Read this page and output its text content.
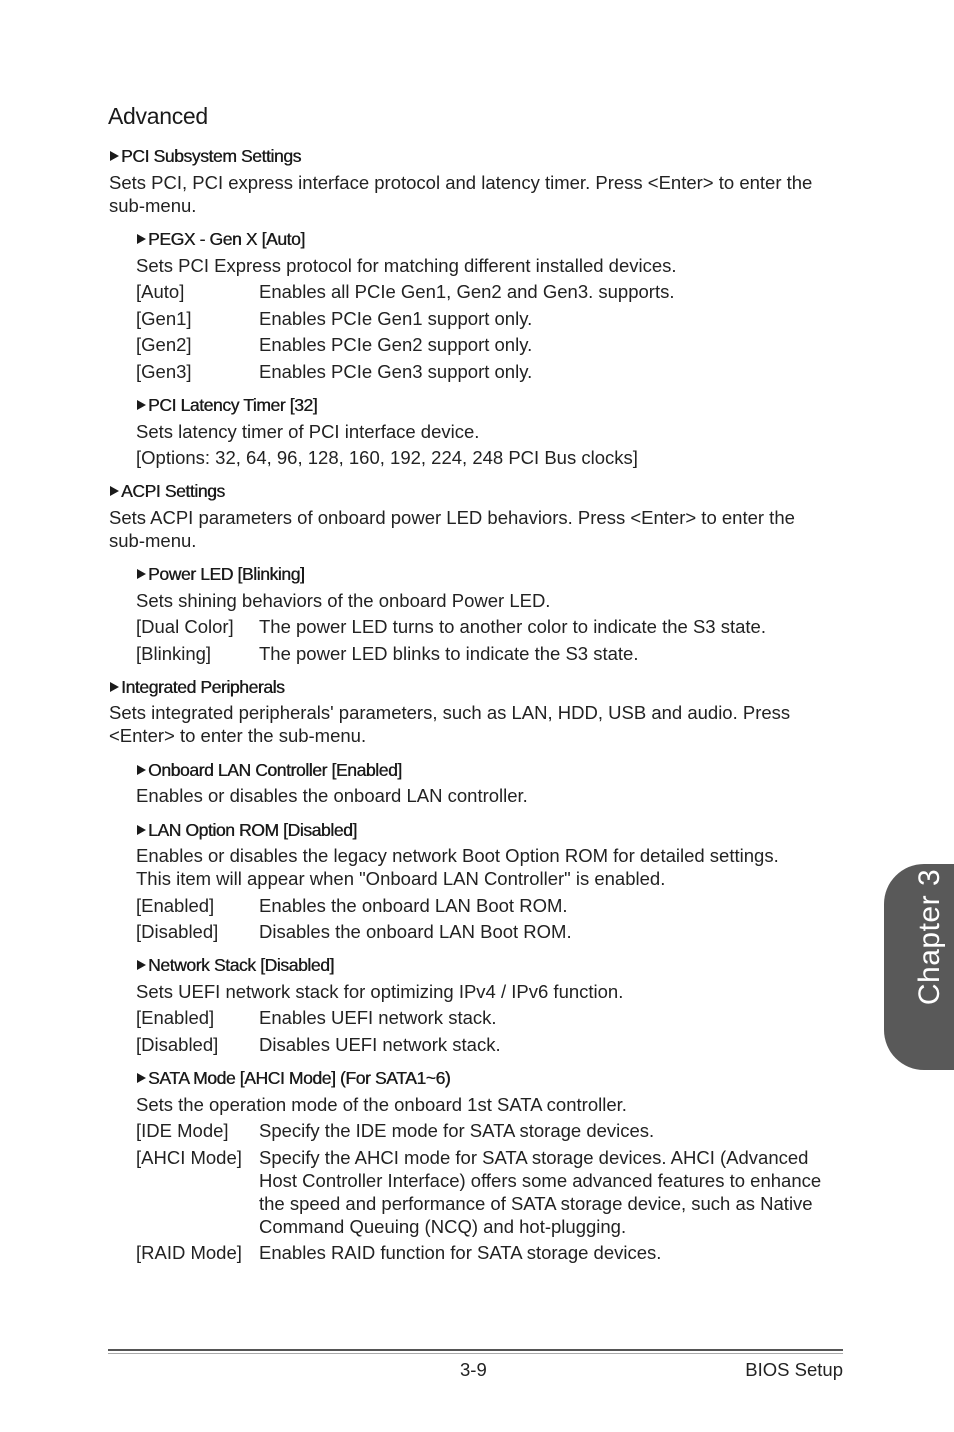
Advanced
PCI Subsystem Settings
Sets PCI, PCI express interface protocol and latency timer. Press <Enter> to enter the
sub-menu.
PEGX - Gen X [Auto]
Sets PCI Express protocol for matching different installed devices.
[Auto]	Enables all PCIe Gen1, Gen2 and Gen3. supports.
[Gen1]	Enables PCIe Gen1 support only.
[Gen2]	Enables PCIe Gen2 support only.
[Gen3]	Enables PCIe Gen3 support only.
PCI Latency Timer [32]
Sets latency timer of PCI interface device.
[Options: 32, 64, 96, 128, 160, 192, 224, 248 PCI Bus clocks]
ACPI Settings
Sets ACPI parameters of onboard power LED behaviors. Press <Enter> to enter the
sub-menu.
Power LED [Blinking]
Sets shining behaviors of the onboard Power LED.
[Dual Color] The power LED turns to another color to indicate the S3 state.
[Blinking]	The power LED blinks to indicate the S3 state.
Integrated Peripherals
Sets integrated peripherals' parameters, such as LAN, HDD, USB and audio. Press
<Enter> to enter the sub-menu.
Onboard LAN Controller [Enabled]
Enables or disables the onboard LAN controller.
LAN Option ROM [Disabled]
Enables or disables the legacy network Boot Option ROM for detailed settings.
This item will appear when "Onboard LAN Controller" is enabled.
[Enabled] Enables the onboard LAN Boot ROM.
[Disabled] Disables the onboard LAN Boot ROM.
Network Stack [Disabled]
Sets UEFI network stack for optimizing IPv4 / IPv6 function.
[Enabled] Enables UEFI network stack.
[Disabled] Disables UEFI network stack.
SATA Mode [AHCI Mode] (For SATA1~6)
Sets the operation mode of the onboard 1st SATA controller.
[IDE Mode] Specify the IDE mode for SATA storage devices.
[AHCI Mode] Specify the AHCI mode for SATA storage devices. AHCI (Advanced
Host Controller Interface) offers some advanced features to enhance
the speed and performance of SATA storage device, such as Native
Command Queuing (NCQ) and hot-plugging.
[RAID Mode] Enables RAID function for SATA storage devices.
3-9	BIOS Setup
Chapter 3
